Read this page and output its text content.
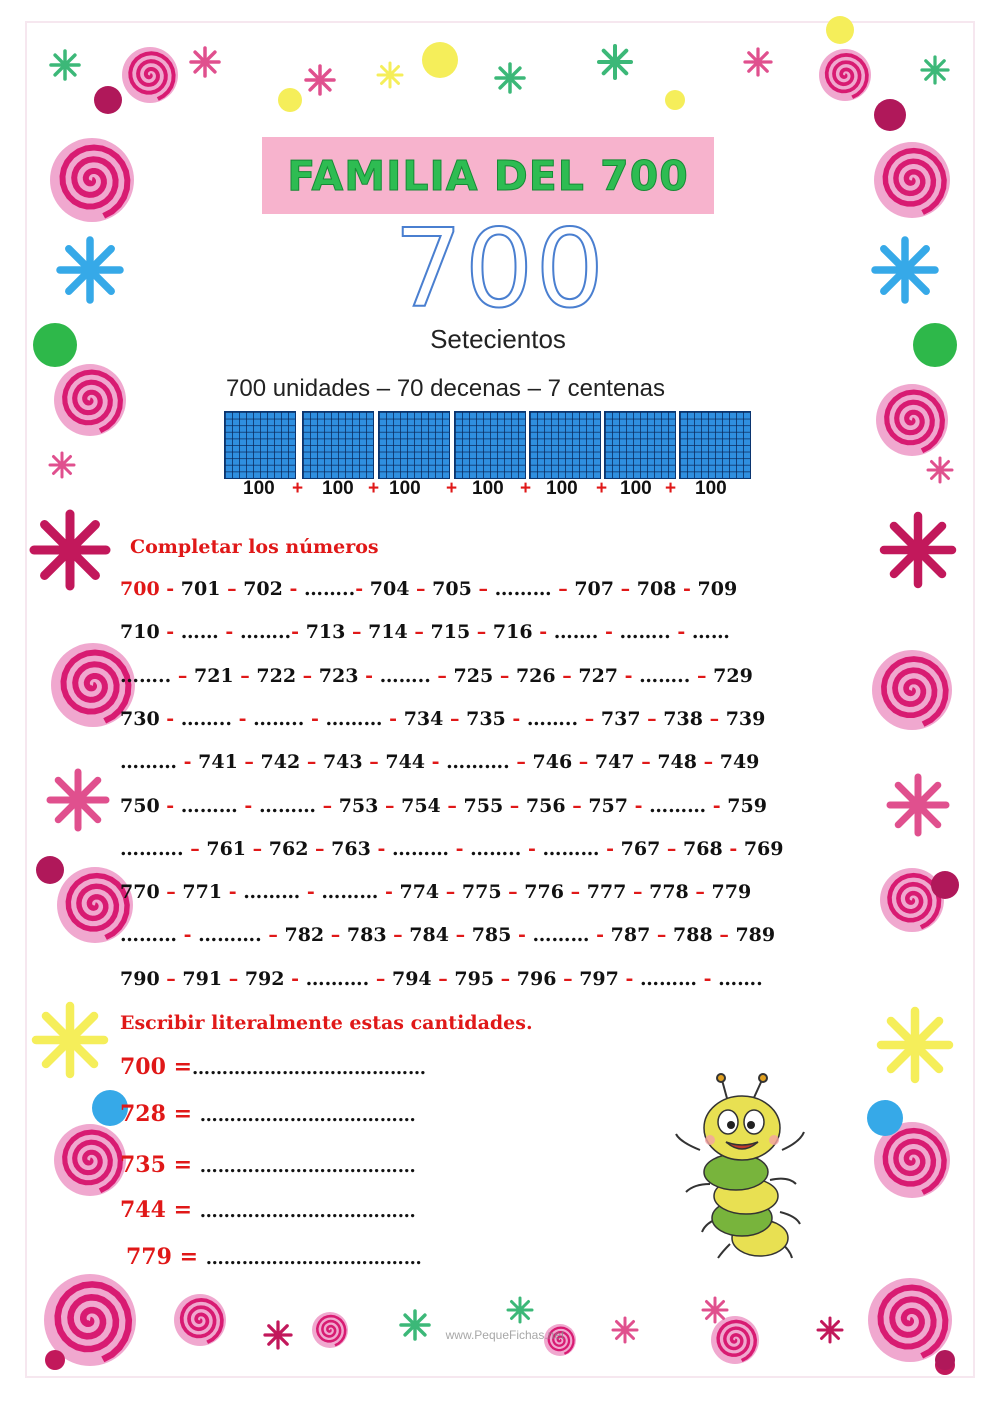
FAMILIA DEL 700
700
Setecientos
700 unidades – 70 decenas – 7 centenas
100 + 100 + 100 + 100 + 100 + 100 + 100
Completar los números
700 - 701 – 702 - ……..- 704 – 705 – ……… – 707 – 708 - 709
710 - …… - ……..- 713 – 714 – 715 – 716 - ……. - …….. - ……
…….. – 721 – 722 – 723 - …….. – 725 – 726 – 727 - …….. – 729
730 - …….. - …….. - ……… - 734 – 735 - …….. – 737 – 738 – 739
……… - 741 – 742 – 743 – 744 - ………. – 746 – 747 – 748 – 749
750 - ……… - ……… – 753 – 754 – 755 – 756 – 757 - ……… - 759
………. – 761 – 762 – 763 - ……… - …….. - ……… - 767 – 768 - 769
770 – 771 - ……… - ……… - 774 – 775 – 776 – 777 – 778 – 779
……… - ………. – 782 – 783 – 784 – 785 - ……… - 787 – 788 – 789
790 – 791 – 792 - ………. – 794 – 795 – 796 – 797 - ……… - …….
Escribir literalmente estas cantidades.
700 =…………………………………
728 = ………………………………
735 = ………………………………
744 = ………………………………
779 = ………………………………
www.PequeFichas.net
